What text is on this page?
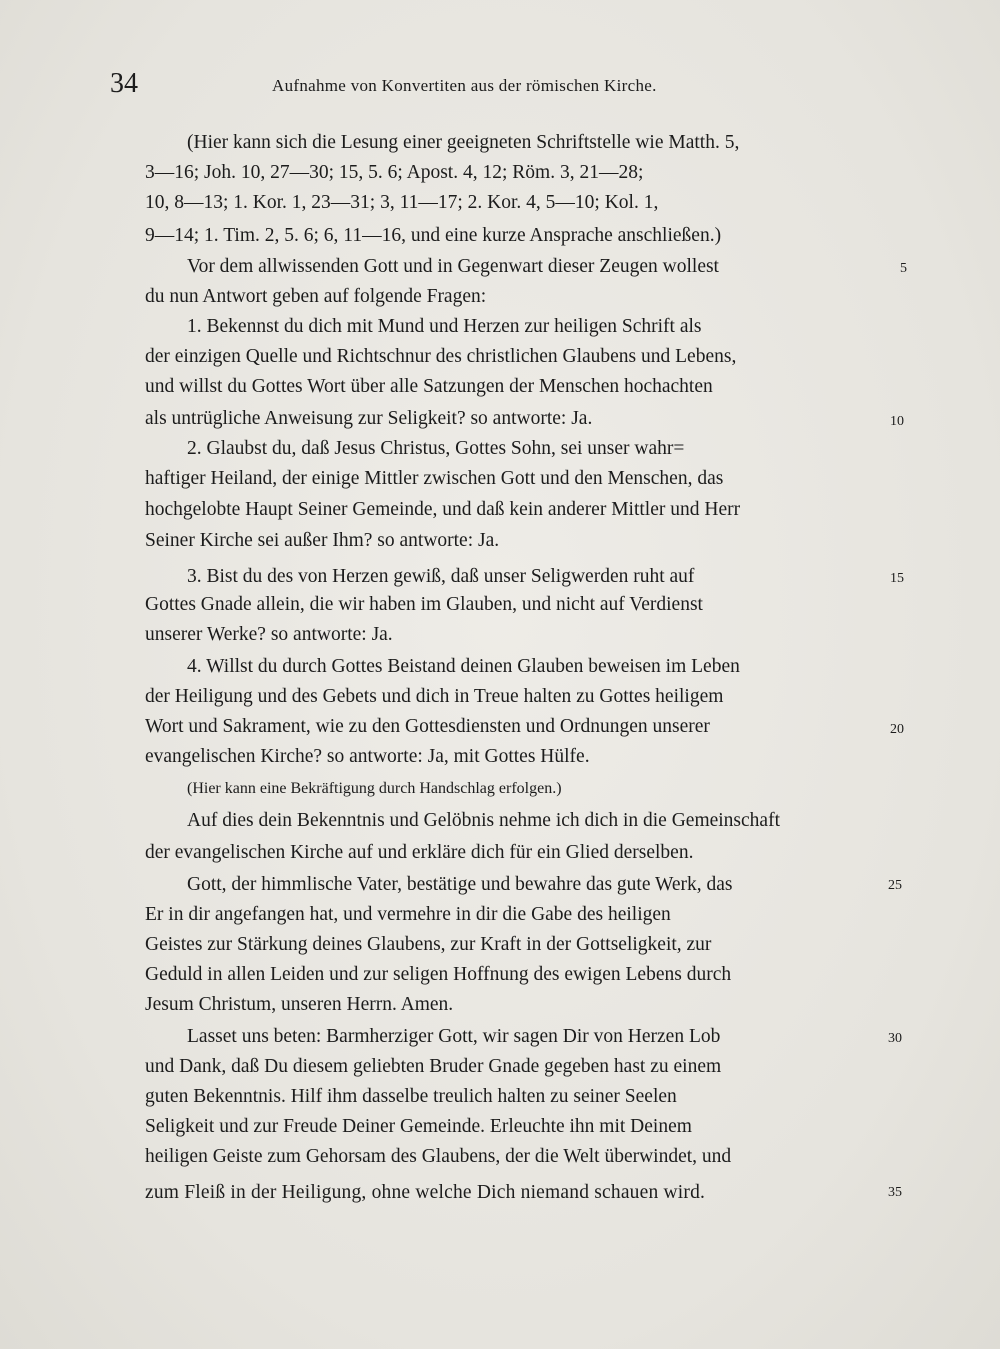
34	Aufnahme von Konvertiten aus der römischen Kirche.
(Hier kann sich die Lesung einer geeigneten Schriftstelle wie Matth. 5,
3—16; Joh. 10, 27—30; 15, 5. 6; Apost. 4, 12; Röm. 3, 21—28;
10, 8—13; 1. Kor. 1, 23—31; 3, 11—17; 2. Kor. 4, 5—10; Kol. 1,
9—14; 1. Tim. 2, 5. 6; 6, 11—16, und eine kurze Ansprache anschließen.)
Vor dem allwissenden Gott und in Gegenwart dieser Zeugen wollest
du nun Antwort geben auf folgende Fragen:
1. Bekennst du dich mit Mund und Herzen zur heiligen Schrift als
der einzigen Quelle und Richtschnur des christlichen Glaubens und Lebens,
und willst du Gottes Wort über alle Satzungen der Menschen hochachten
als untrügliche Anweisung zur Seligkeit? so antworte: Ja.
2. Glaubst du, daß Jesus Christus, Gottes Sohn, sei unser wahr=
haftiger Heiland, der einige Mittler zwischen Gott und den Menschen, das
hochgelobte Haupt Seiner Gemeinde, und daß kein anderer Mittler und Herr
Seiner Kirche sei außer Ihm? so antworte: Ja.
3. Bist du des von Herzen gewiß, daß unser Seligwerden ruht auf
Gottes Gnade allein, die wir haben im Glauben, und nicht auf Verdienst
unserer Werke? so antworte: Ja.
4. Willst du durch Gottes Beistand deinen Glauben beweisen im Leben
der Heiligung und des Gebets und dich in Treue halten zu Gottes heiligem
Wort und Sakrament, wie zu den Gottesdiensten und Ordnungen unserer
evangelischen Kirche? so antworte: Ja, mit Gottes Hülfe.
(Hier kann eine Bekräftigung durch Handschlag erfolgen.)
Auf dies dein Bekenntnis und Gelöbnis nehme ich dich in die Gemeinschaft
der evangelischen Kirche auf und erkläre dich für ein Glied derselben.
Gott, der himmlische Vater, bestätige und bewahre das gute Werk, das
Er in dir angefangen hat, und vermehre in dir die Gabe des heiligen
Geistes zur Stärkung deines Glaubens, zur Kraft in der Gottseligkeit, zur
Geduld in allen Leiden und zur seligen Hoffnung des ewigen Lebens durch
Jesum Christum, unseren Herrn. Amen.
Lasset uns beten: Barmherziger Gott, wir sagen Dir von Herzen Lob
und Dank, daß Du diesem geliebten Bruder Gnade gegeben hast zu einem
guten Bekenntnis. Hilf ihm dasselbe treulich halten zu seiner Seelen
Seligkeit und zur Freude Deiner Gemeinde. Erleuchte ihn mit Deinem
heiligen Geiste zum Gehorsam des Glaubens, der die Welt überwindet, und
zum Fleiß in der Heiligung, ohne welche Dich niemand schauen wird.
5
10
15
20
25
30
35
